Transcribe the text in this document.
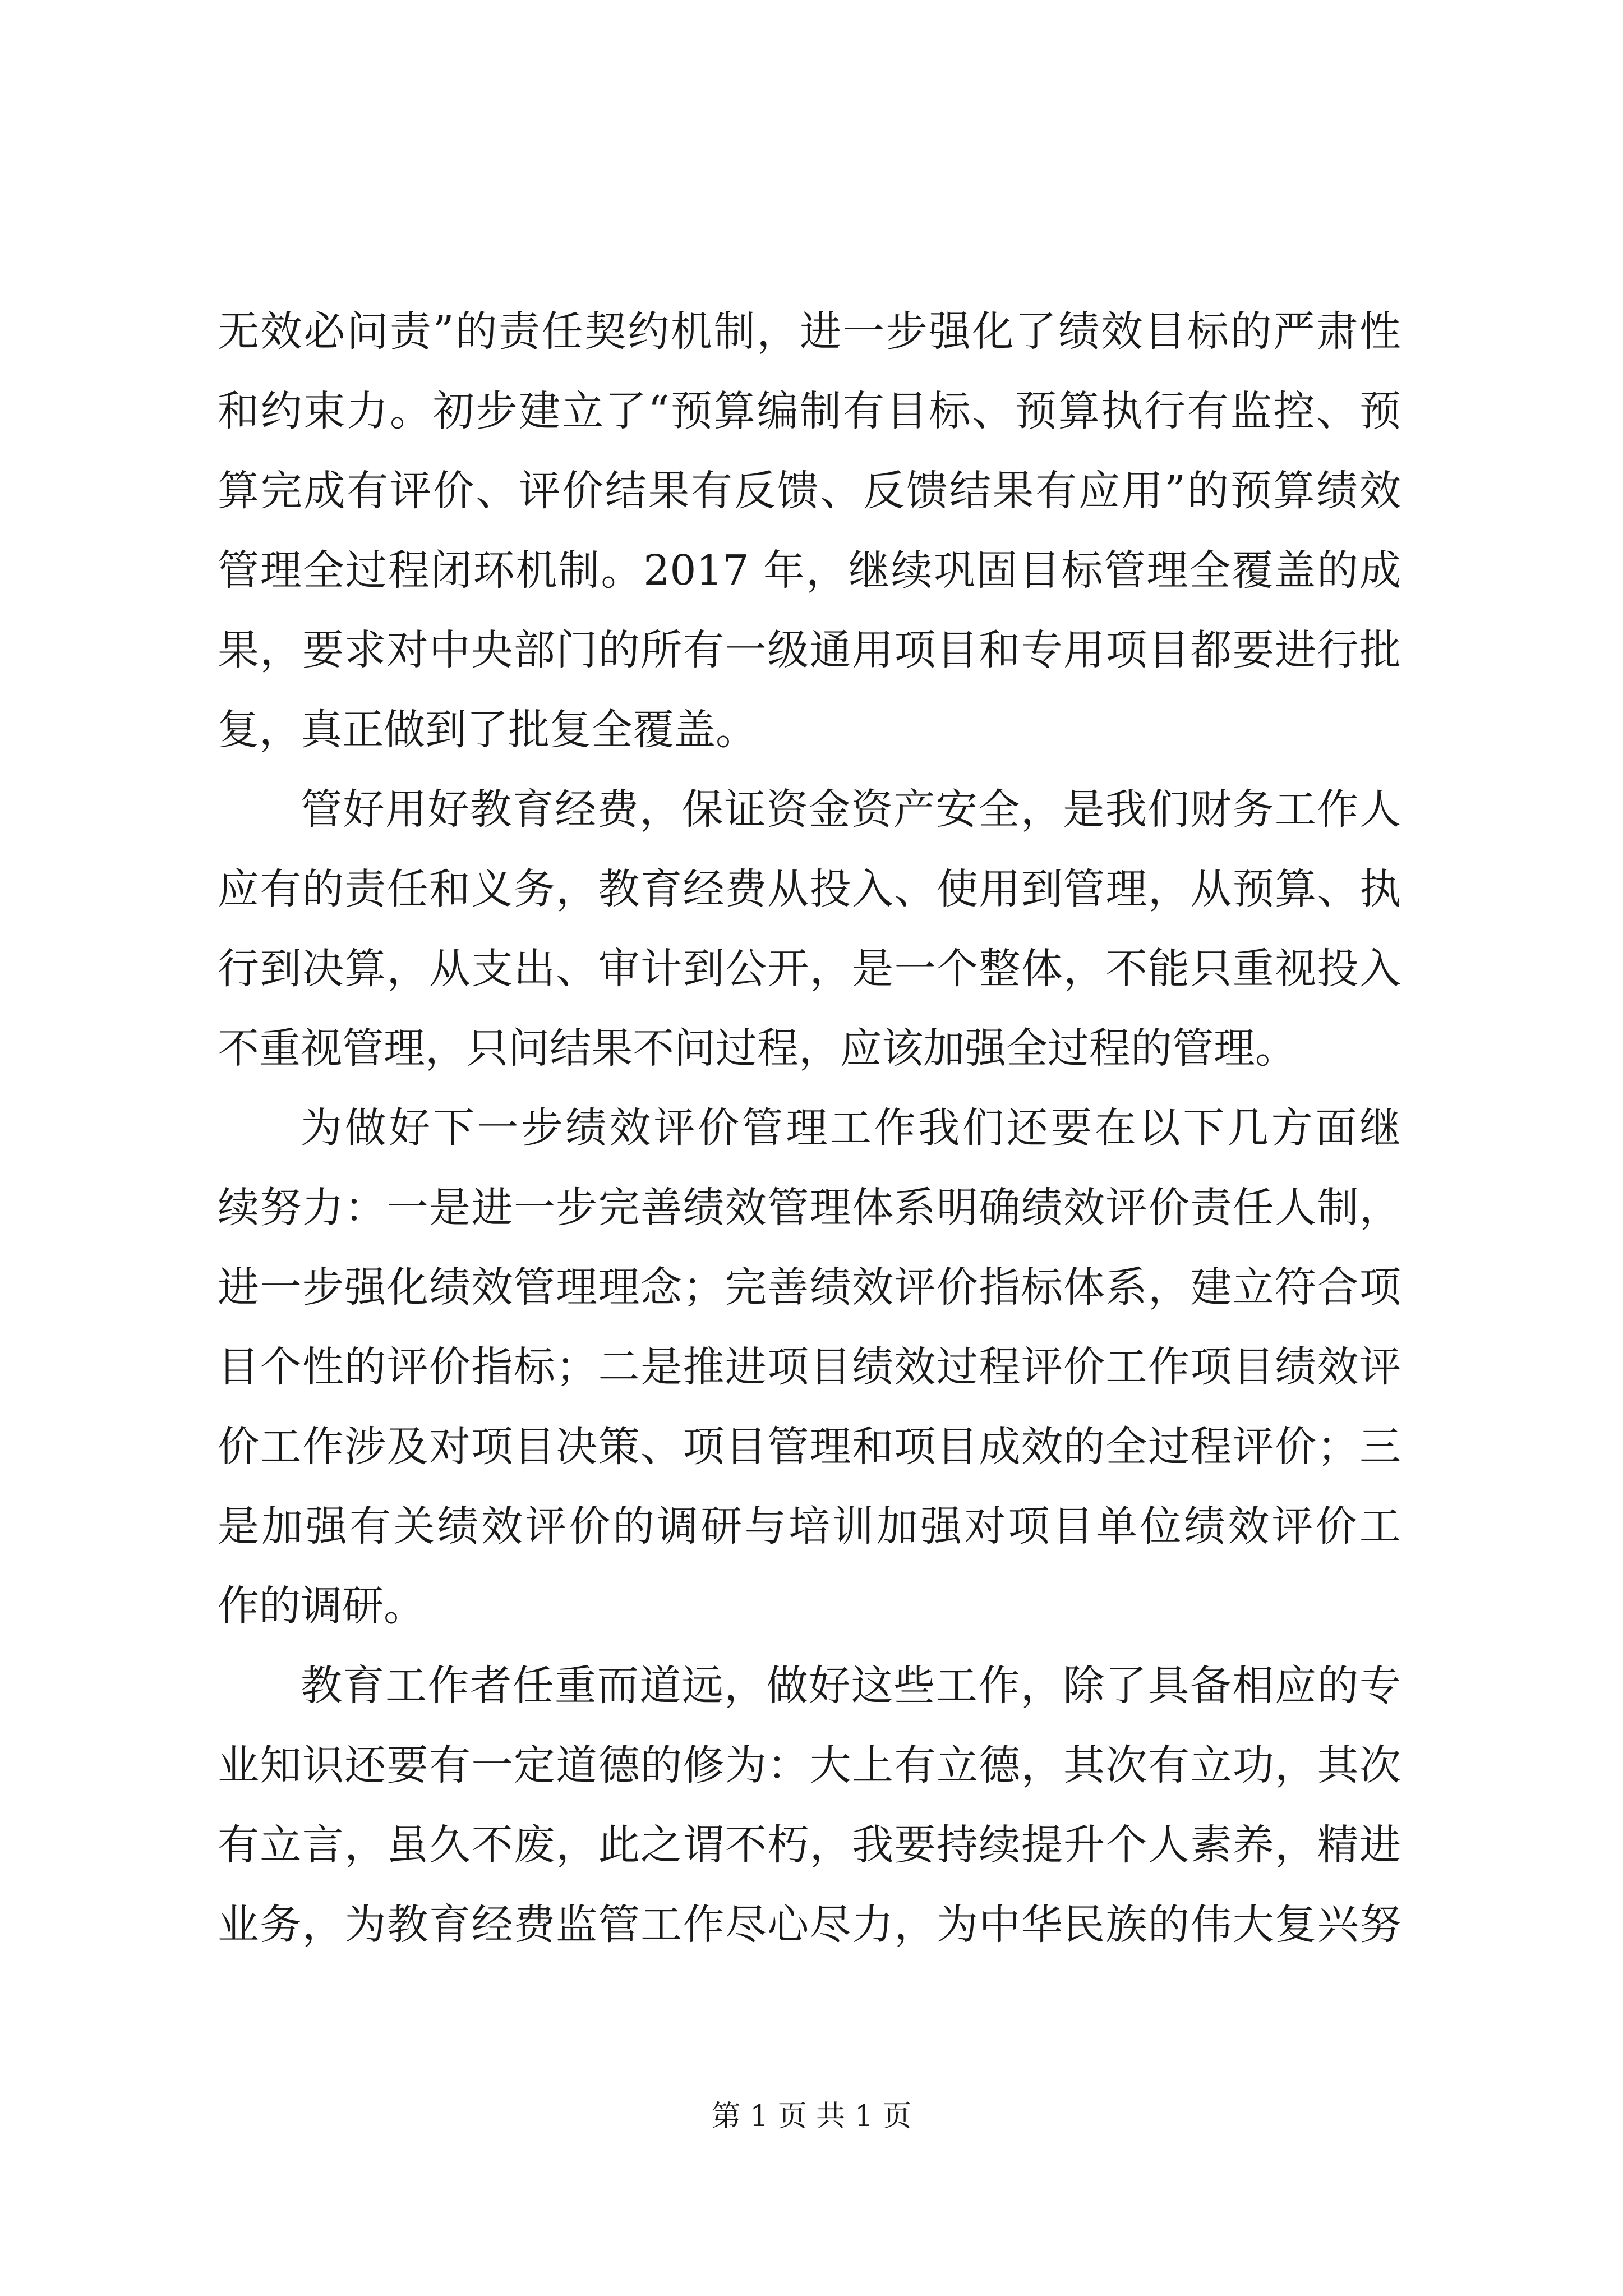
无效必问责”的责任契约机制，进一步强化了绩效目标的严肃性
和约束力。初步建立了“预算编制有目标、预算执行有监控、预
算完成有评价、评价结果有反馈、反馈结果有应用”的预算绩效
管理全过程闭环机制。2017 年，继续巩固目标管理全覆盖的成
果，要求对中央部门的所有一级通用项目和专用项目都要进行批
复，真正做到了批复全覆盖。
管好用好教育经费，保证资金资产安全，是我们财务工作人
应有的责任和义务，教育经费从投入、使用到管理，从预算、执
行到决算，从支出、审计到公开，是一个整体，不能只重视投入
不重视管理，只问结果不问过程，应该加强全过程的管理。
为做好下一步绩效评价管理工作我们还要在以下几方面继
续努力：一是进一步完善绩效管理体系明确绩效评价责任人制，
进一步强化绩效管理理念；完善绩效评价指标体系，建立符合项
目个性的评价指标；二是推进项目绩效过程评价工作项目绩效评
价工作涉及对项目决策、项目管理和项目成效的全过程评价；三
是加强有关绩效评价的调研与培训加强对项目单位绩效评价工
作的调研。
教育工作者任重而道远，做好这些工作，除了具备相应的专
业知识还要有一定道德的修为：大上有立德，其次有立功，其次
有立言，虽久不废，此之谓不朽，我要持续提升个人素养，精进
业务，为教育经费监管工作尽心尽力，为中华民族的伟大复兴努
第 1 页 共 1 页
